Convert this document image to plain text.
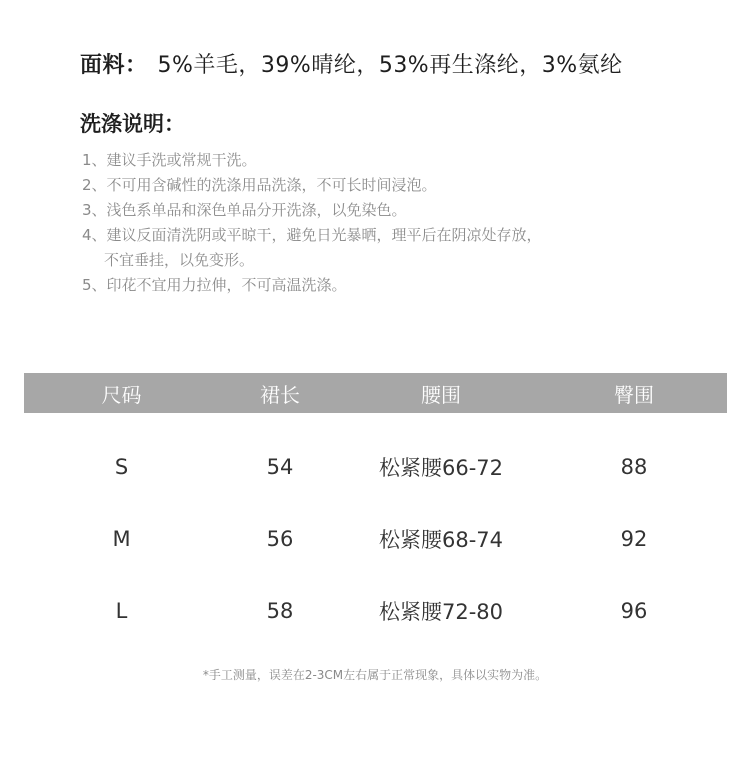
面料： 5%羊毛，39%晴纶，53%再生涤纶，3%氨纶
洗涤说明：
1、建议手洗或常规干洗。
2、不可用含碱性的洗涤用品洗涤，不可长时间浸泡。
3、浅色系单品和深色单品分开洗涤，以免染色。
4、建议反面清洗阴或平晾干，避免日光暴晒，理平后在阴凉处存放，
不宜垂挂，以免变形。
5、印花不宜用力拉伸，不可高温洗涤。
尺码	裙长	腰围	臀围
S	54	松紧腰66-72	88
M	56	松紧腰68-74	92
L	58	松紧腰72-80	96
*手工测量，误差在2-3CM左右属于正常现象，具体以实物为准。
